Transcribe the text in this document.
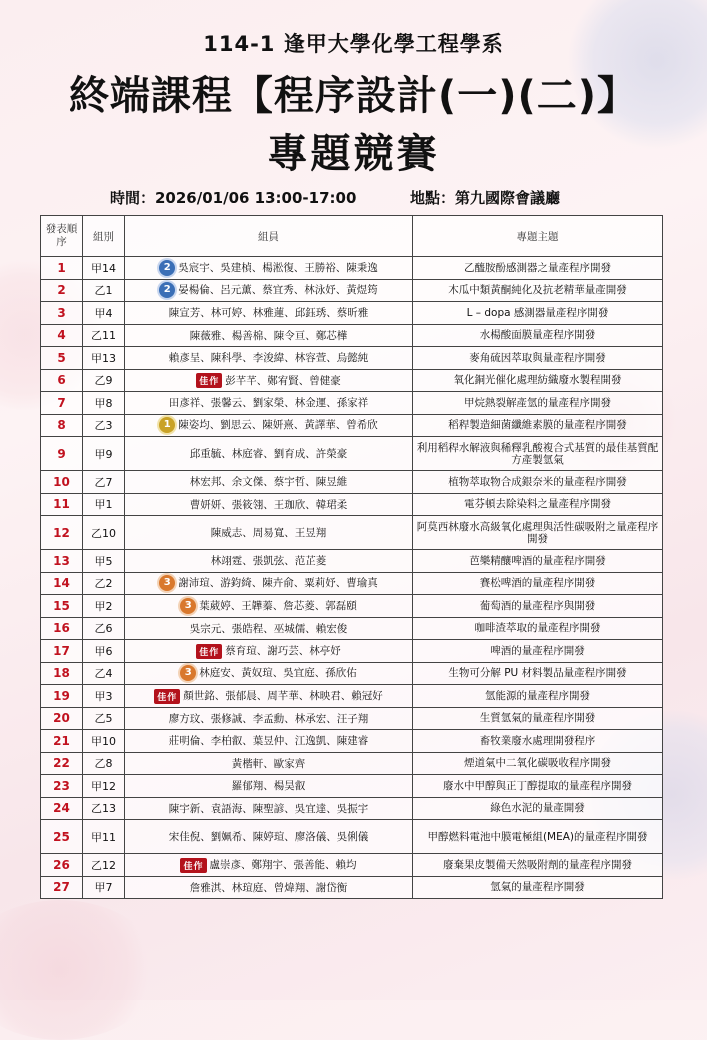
114-1 逢甲大學化學工程學系
終端課程【程序設計(一)(二)】
專題競賽
時間：2026/01/06 13:00-17:00	地點：第九國際會議廳
發表順序	組別	組員	專題主題
1	甲14	2 吳宸宇、吳建楨、楊淞復、王勝裕、陳秉逸	乙醯胺酚感測器之量產程序開發
2	乙1	2 晏楊倫、呂元薰、蔡宜秀、林泳妤、黃煜筠	木瓜中類黃酮純化及抗老精華量產開發
3	甲4	陳宣芳、林可婷、林雅蓮、邱鈺琇、蔡昕雅	L – dopa 感測器量產程序開發
4	乙11	陳薇雅、楊善棉、陳令亘、鄭芯樺	水楊酸面膜量產程序開發
5	甲13	賴彥呈、陳科學、李浚緯、林容萱、烏懿純	麥角硫因萃取與量產程序開發
6	乙9	佳作 彭芊芊、鄭宥賢、曾健豪	氧化銅光催化處理紡織廢水製程開發
7	甲8	田彥祥、張馨云、劉家榮、林金運、孫家祥	甲烷熱裂解產氫的量產程序開發
8	乙3	1 陳姿均、劉思云、陳妍熹、黃譯華、曾希欣	稻稈製造細菌纖維素膜的量產程序開發
9	甲9	邱重毓、林庭睿、劉育成、許榮豪	利用稻稈水解液與稀釋乳酸複合式基質的最佳基質配方產製氫氣
10	乙7	林宏邦、余文傑、蔡宇哲、陳昱維	植物萃取物合成銀奈米的量產程序開發
11	甲1	曹妍妍、張筱翎、王珈欣、韓珺柔	電芬頓去除染料之量產程序開發
12	乙10	陳威志、周易寬、王昱翔	阿莫西林廢水高級氧化處理與活性碳吸附之量產程序開發
13	甲5	林翊霆、張凱弦、范芷菱	芭樂精釀啤酒的量產程序開發
14	乙2	3 謝沛瑄、游鈞綺、陳卉俞、粟莉妤、曹瑜真	賽松啤酒的量產程序開發
15	甲2	3 葉葳婷、王韡蓁、詹芯菱、郭磊頤	葡萄酒的量產程序與開發
16	乙6	吳宗元、張皓程、巫城儒、賴宏俊	咖啡渣萃取的量產程序開發
17	甲6	佳作 蔡育瑄、謝巧芸、林亭妤	啤酒的量產程序開發
18	乙4	3 林庭安、黃奴瑄、吳宜庭、孫欣佑	生物可分解 PU 材料製品量產程序開發
19	甲3	佳作 顏世銘、張郁晨、周芊華、林映君、賴冠好	氫能源的量產程序開發
20	乙5	廖方玟、張修誠、李孟勳、林承宏、汪子翔	生質氫氣的量產程序開發
21	甲10	莊明倫、李柏叡、葉昱仲、江逸凱、陳建睿	畜牧業廢水處理開發程序
22	乙8	黃楷軒、歐家齊	煙道氣中二氧化碳吸收程序開發
23	甲12	羅郁翔、楊昊叡	廢水中甲醇與正丁醇提取的量產程序開發
24	乙13	陳宇新、袁語海、陳聖諺、吳宜達、吳振宇	綠色水泥的量產開發
25	甲11	宋佳倪、劉姵希、陳婷瑄、廖洛儀、吳俐儀	甲醇燃料電池中膜電極組(MEA)的量產程序開發
26	乙12	佳作 盧崇彥、鄭翔宇、張善能、賴均	廢棄果皮製備天然吸附劑的量產程序開發
27	甲7	詹雅淇、林瑄庭、曾煒翔、謝岱衡	氫氣的量產程序開發
